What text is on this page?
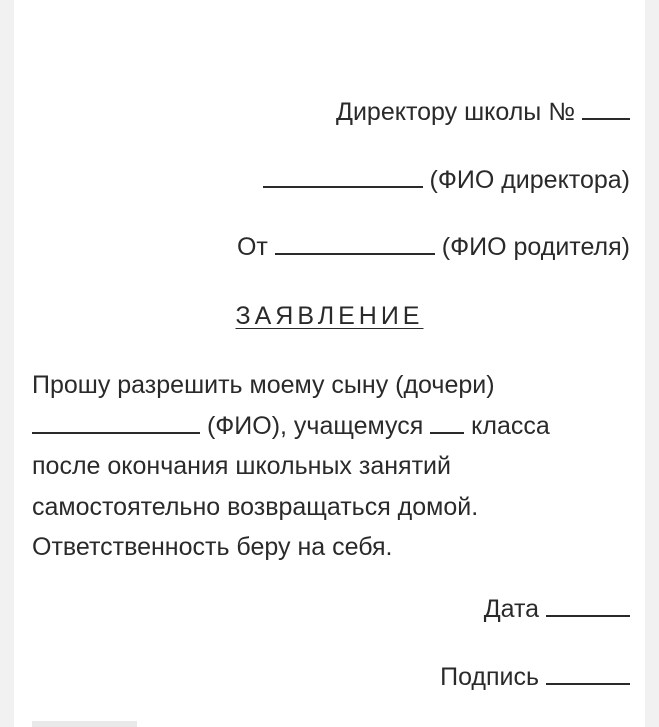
Директору школы №
(ФИО директора)
От	(ФИО родителя)
ЗАЯВЛЕНИЕ
Прошу разрешить моему сыну (дочери)
(ФИО), учащемуся класса
после окончания школьных занятий
самостоятельно возвращаться домой.
Ответственность беру на себя.
Дата
Подпись
